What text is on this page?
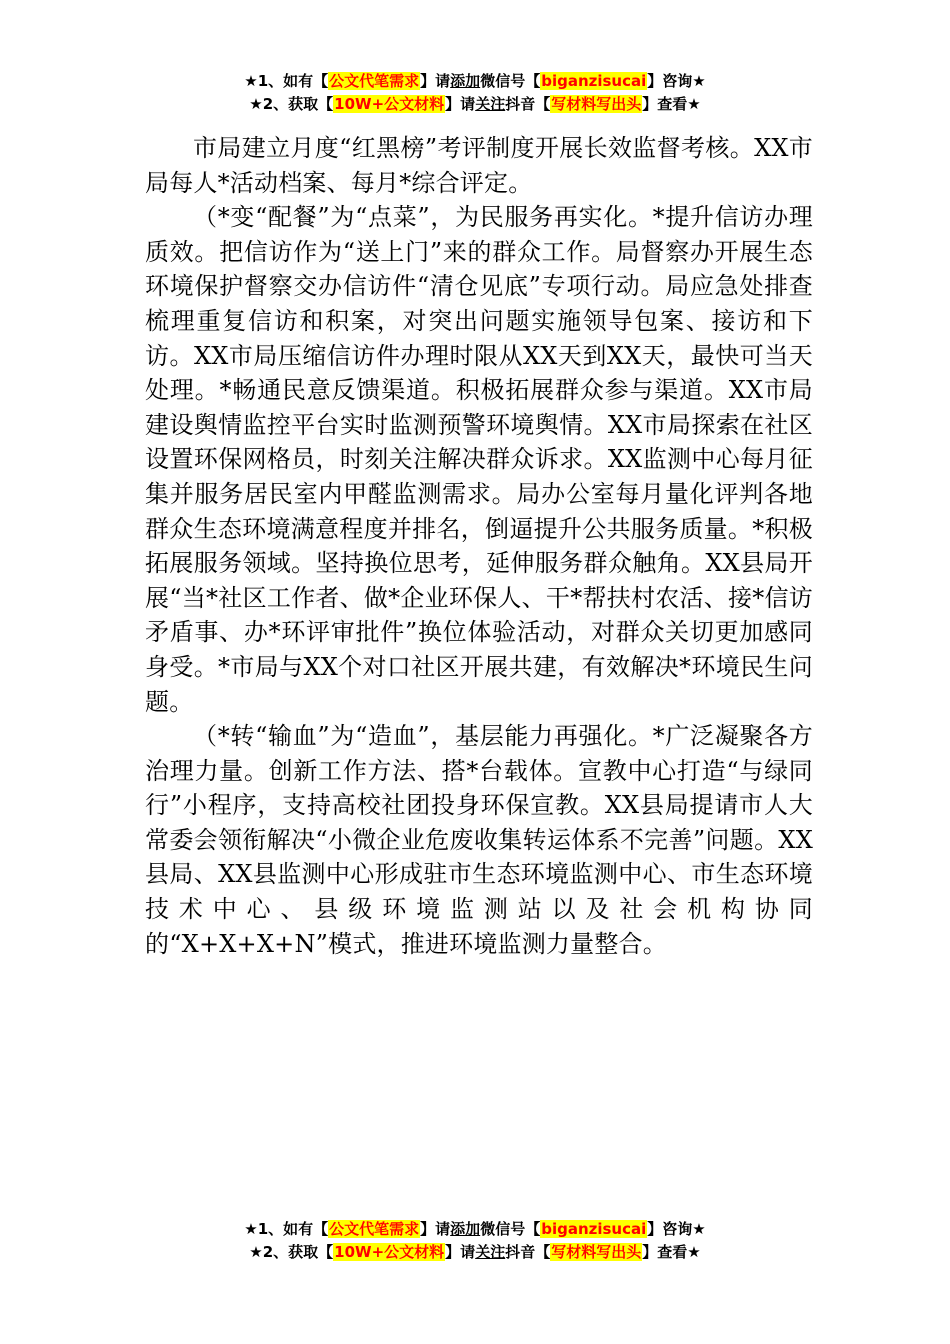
★1、如有【公文代笔需求】请添加微信号【biganzisucai】咨询★
★2、获取【10W+公文材料】请关注抖音【写材料写出头】查看★

市局建立月度“红黑榜”考评制度开展长效监督考核。XX市局每人*活动档案、每月*综合评定。

（*变“配餐”为“点菜”，为民服务再实化。*提升信访办理质效。把信访作为“送上门”来的群众工作。局督察办开展生态环境保护督察交办信访件“清仓见底”专项行动。局应急处排查梳理重复信访和积案，对突出问题实施领导包案、接访和下访。XX市局压缩信访件办理时限从XX天到XX天，最快可当天处理。*畅通民意反馈渠道。积极拓展群众参与渠道。XX市局建设舆情监控平台实时监测预警环境舆情。XX市局探索在社区设置环保网格员，时刻关注解决群众诉求。XX监测中心每月征集并服务居民室内甲醛监测需求。局办公室每月量化评判各地群众生态环境满意程度并排名，倒逼提升公共服务质量。*积极拓展服务领域。坚持换位思考，延伸服务群众触角。XX县局开展“当*社区工作者、做*企业环保人、干*帮扶村农活、接*信访矛盾事、办*环评审批件”换位体验活动，对群众关切更加感同身受。*市局与XX个对口社区开展共建，有效解决*环境民生问题。

（*转“输血”为“造血”，基层能力再强化。*广泛凝聚各方治理力量。创新工作方法、搭*台载体。宣教中心打造“与绿同行”小程序，支持高校社团投身环保宣教。XX县局提请市人大常委会领衔解决“小微企业危废收集转运体系不完善”问题。XX县局、XX县监测中心形成驻市生态环境监测中心、市生态环境技术中心、县级环境监测站以及社会机构协同的“X+X+X+N”模式，推进环境监测力量整合。

★1、如有【公文代笔需求】请添加微信号【biganzisucai】咨询★
★2、获取【10W+公文材料】请关注抖音【写材料写出头】查看★
